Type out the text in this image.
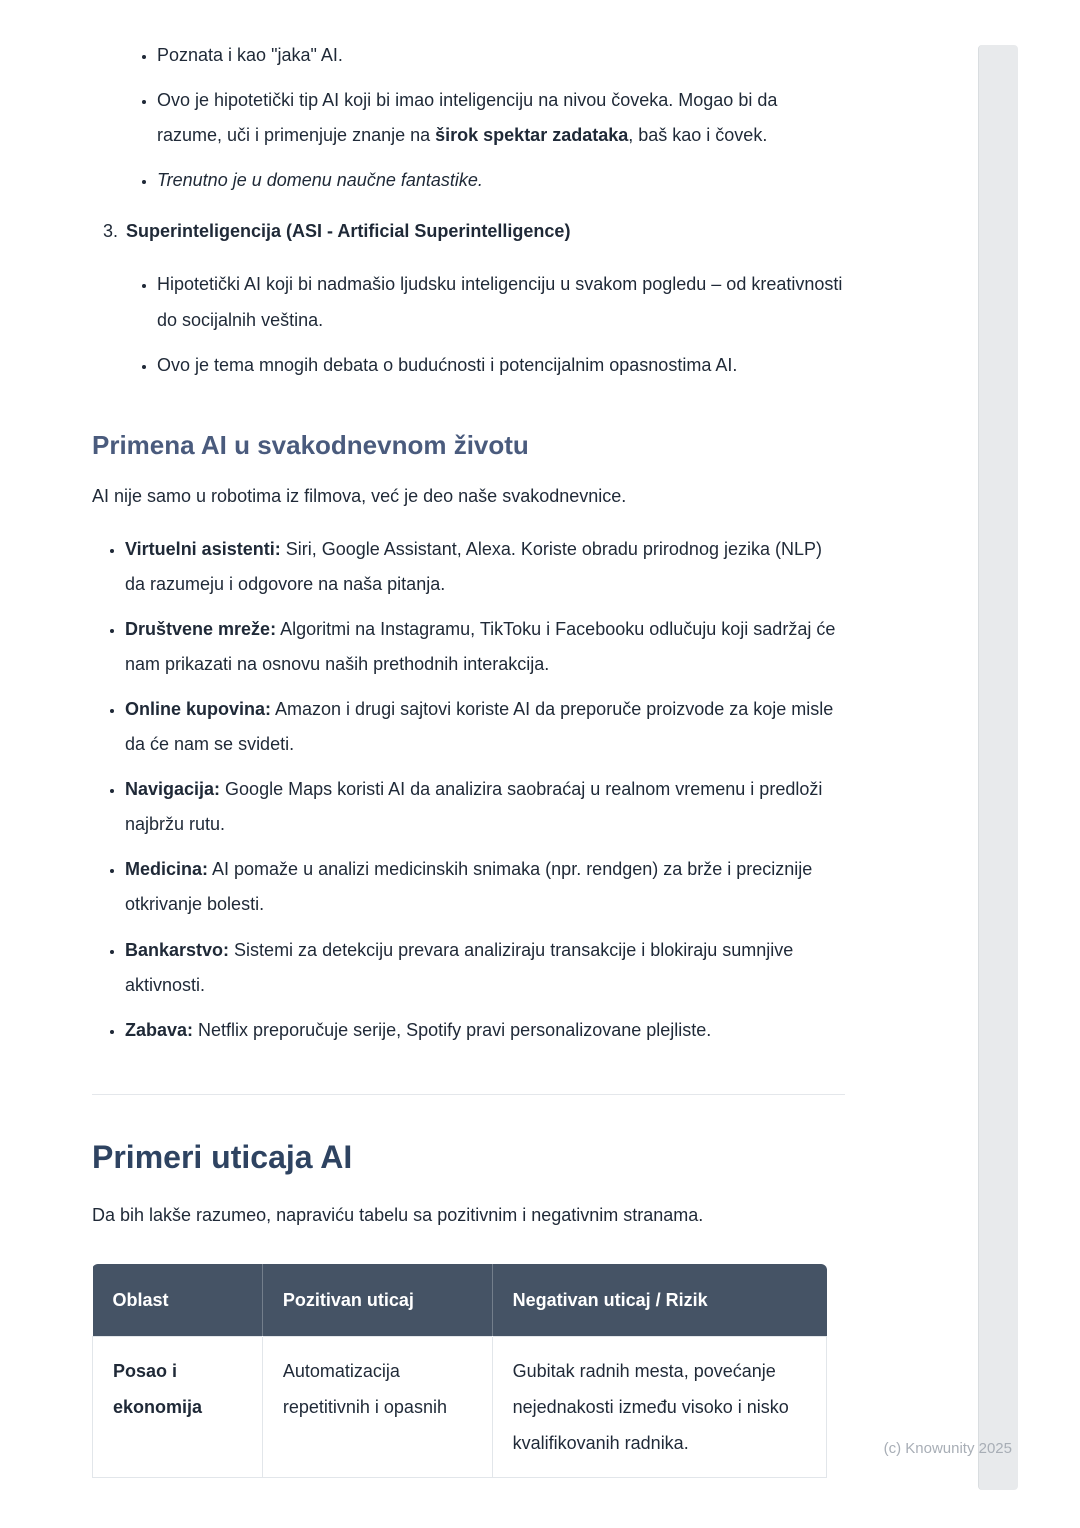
• Poznata i kao "jaka" AI.
• Ovo je hipotetički tip AI koji bi imao inteligenciju na nivou čoveka. Mogao bi da razume, uči i primenjuje znanje na širok spektar zadataka, baš kao i čovek.
• Trenutno je u domenu naučne fantastike.
3. Superinteligencija (ASI - Artificial Superintelligence)
• Hipotetički AI koji bi nadmašio ljudsku inteligenciju u svakom pogledu – od kreativnosti do socijalnih veština.
• Ovo je tema mnogih debata o budućnosti i potencijalnim opasnostima AI.
Primena AI u svakodnevnom životu

AI nije samo u robotima iz filmova, već je deo naše svakodnevnice.

• Virtuelni asistenti: Siri, Google Assistant, Alexa. Koriste obradu prirodnog jezika (NLP) da razumeju i odgovore na naša pitanja.
• Društvene mreže: Algoritmi na Instagramu, TikToku i Facebooku odlučuju koji sadržaj će nam prikazati na osnovu naših prethodnih interakcija.
• Online kupovina: Amazon i drugi sajtovi koriste AI da preporuče proizvode za koje misle da će nam se svideti.
• Navigacija: Google Maps koristi AI da analizira saobraćaj u realnom vremenu i predloži najbržu rutu.
• Medicina: AI pomaže u analizi medicinskih snimaka (npr. rendgen) za brže i preciznije otkrivanje bolesti.
• Bankarstvo: Sistemi za detekciju prevara analiziraju transakcije i blokiraju sumnjive aktivnosti.
• Zabava: Netflix preporučuje serije, Spotify pravi personalizovane plejliste.
Primeri uticaja AI

Da bih lakše razumeo, napraviću tabelu sa pozitivnim i negativnim stranama.

Oblast	Pozitivan uticaj	Negativan uticaj / Rizik
Posao i ekonomija	Automatizacija repetitivnih i opasnih	Gubitak radnih mesta, povećanje nejednakosti između visoko i nisko kvalifikovanih radnika.	(c) Knowunity 2025
